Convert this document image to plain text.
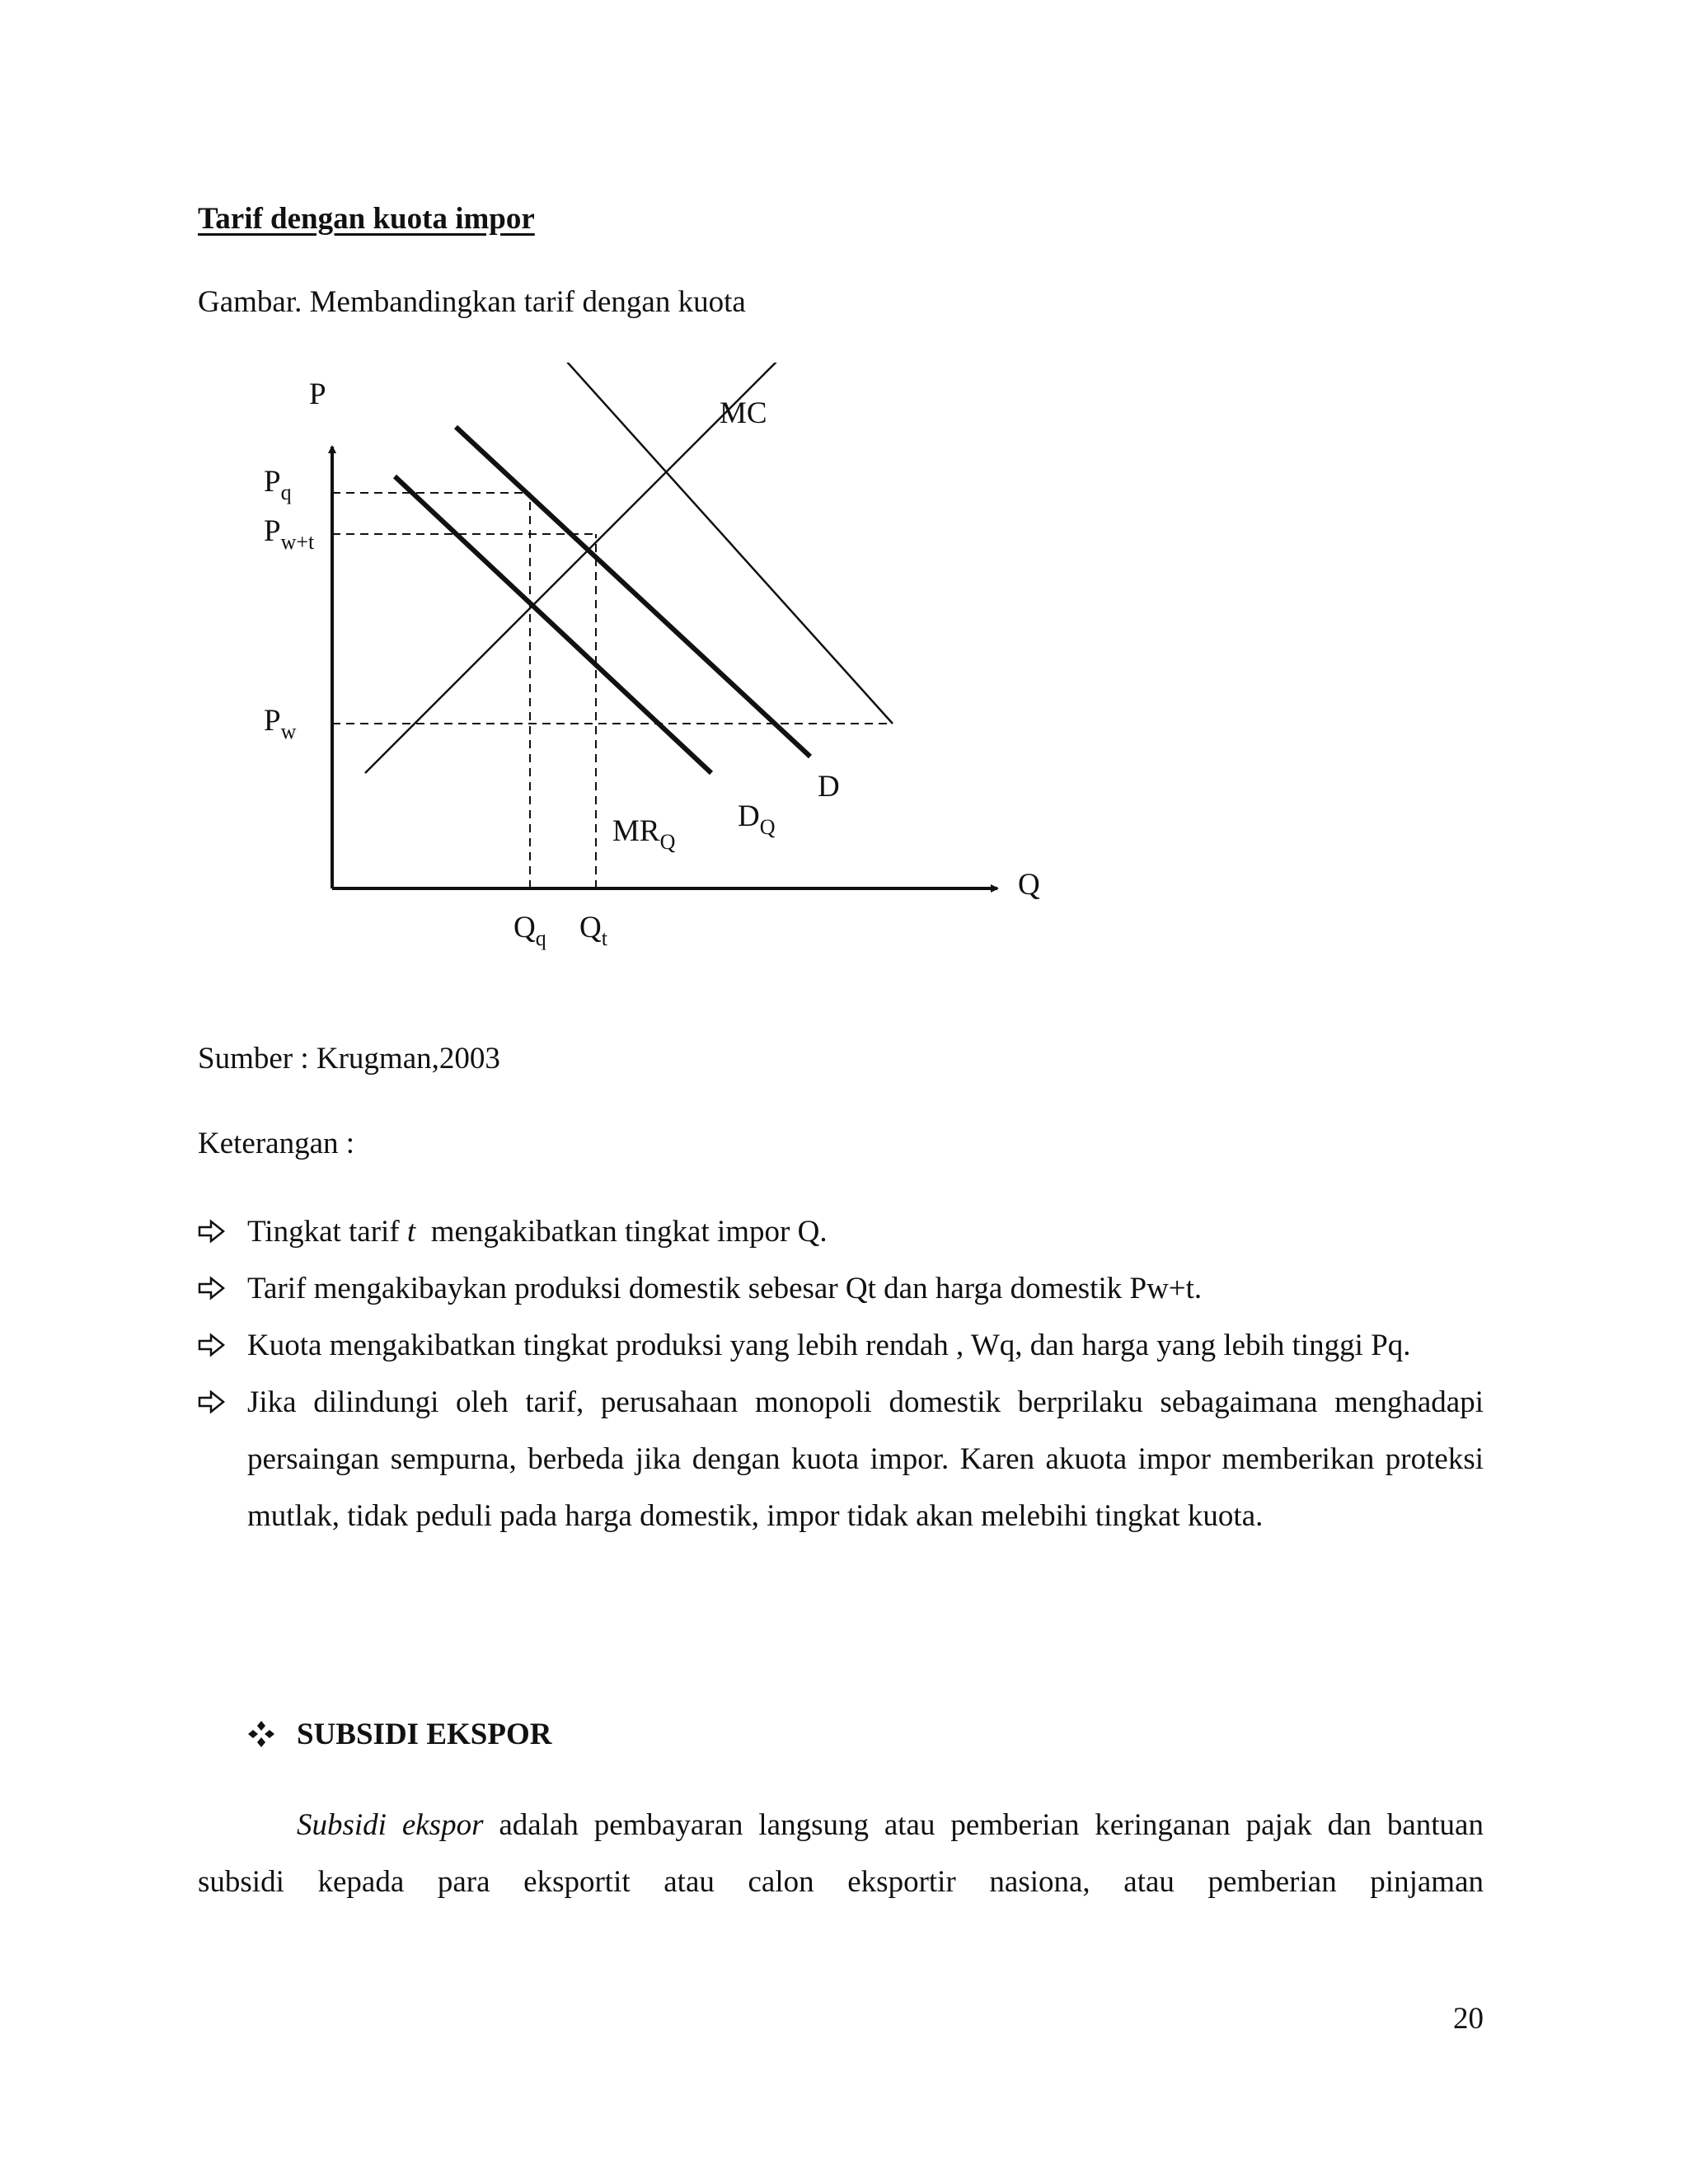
Tarif dengan kuota impor
Gambar. Membandingkan tarif dengan kuota
P
Q
MC
D
$D_Q$
$MR_Q$
$P_q$
$P_{w+t}$
$P_w$
$Q_q$ $Q_t$
Sumber : Krugman,2003
Keterangan :
Tingkat tarif t  mengakibatkan tingkat impor Q.
Tarif mengakibaykan produksi domestik sebesar Qt dan harga domestik Pw+t.
Kuota mengakibatkan tingkat produksi yang lebih rendah , Wq, dan harga yang lebih tinggi Pq.
Jika dilindungi oleh tarif, perusahaan monopoli domestik berprilaku sebagaimana menghadapi persaingan sempurna, berbeda jika dengan kuota impor. Karen akuota impor memberikan proteksi mutlak, tidak peduli pada harga domestik, impor tidak akan melebihi tingkat kuota.
SUBSIDI EKSPOR
Subsidi ekspor adalah pembayaran langsung atau pemberian keringanan pajak dan bantuan subsidi kepada para eksportit atau calon eksportir nasiona, atau pemberian pinjaman
20
